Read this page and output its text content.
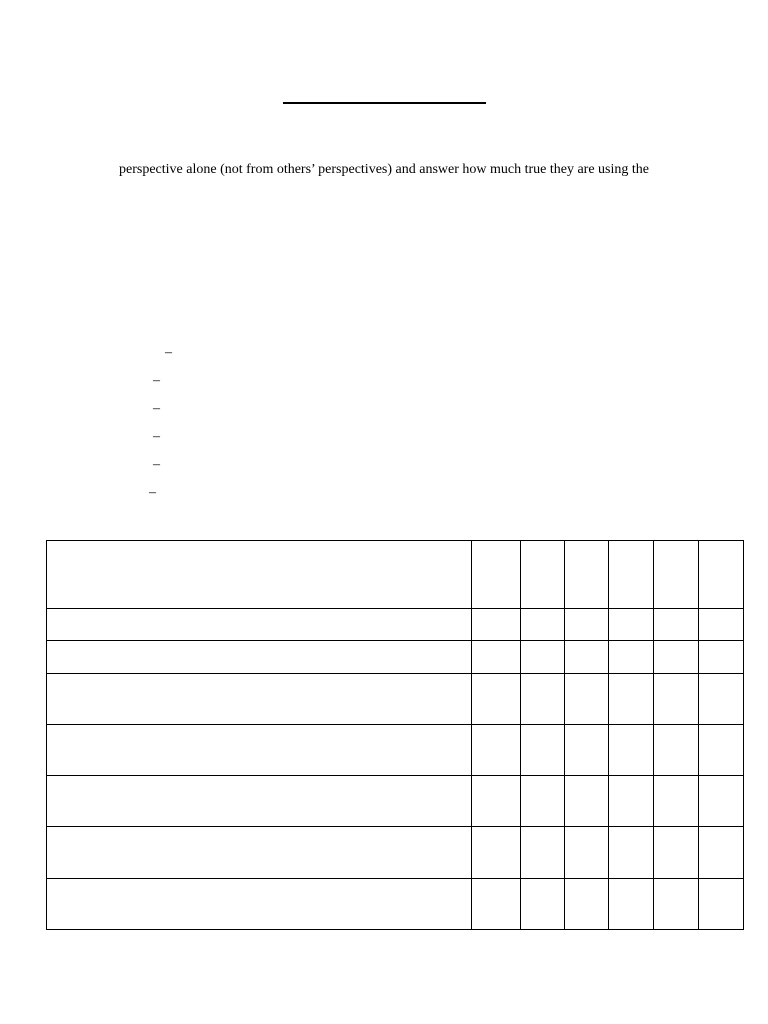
perspective alone (not from others’ perspectives) and answer how much true they are using the
–
–
–
–
–
–
